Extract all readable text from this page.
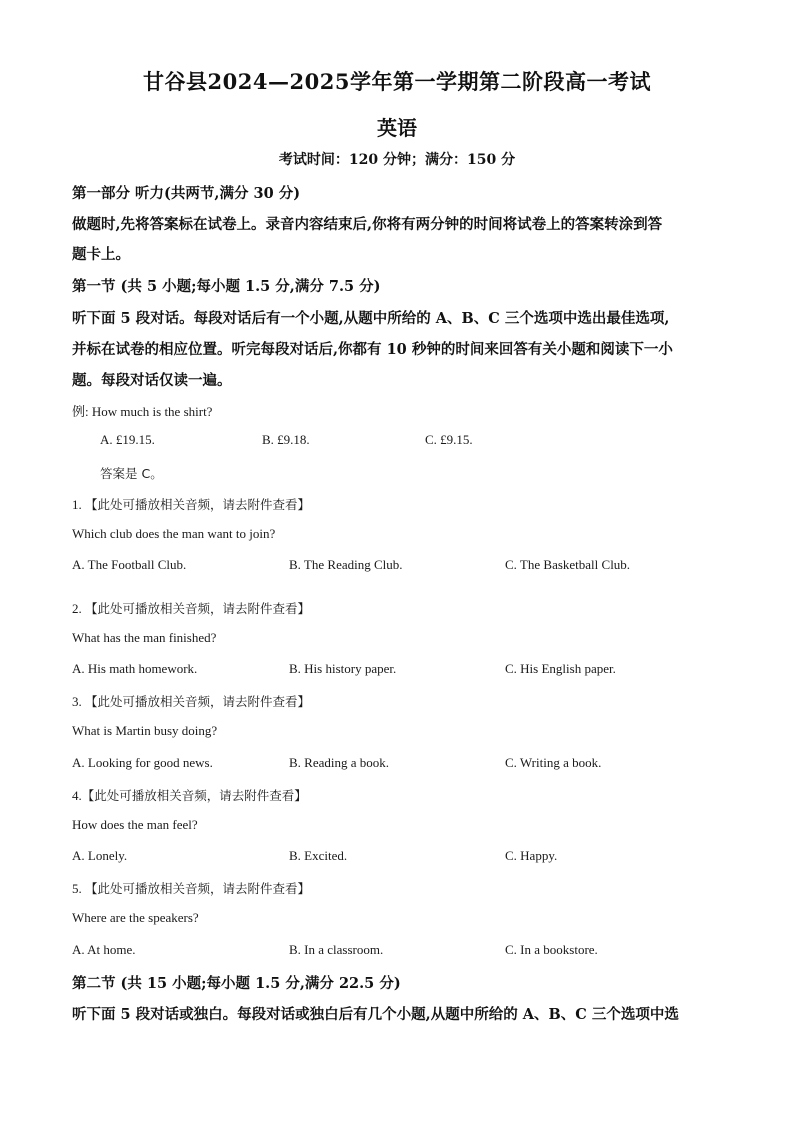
甘谷县2024—2025学年第一学期第二阶段高一考试
英语
考试时间：120 分钟；满分：150 分
第一部分 听力(共两节,满分 30 分)
做题时,先将答案标在试卷上。录音内容结束后,你将有两分钟的时间将试卷上的答案转涂到答
题卡上。
第一节 (共 5 小题;每小题 1.5 分,满分 7.5 分)
听下面 5 段对话。每段对话后有一个小题,从题中所给的 A、B、C 三个选项中选出最佳选项,
并标在试卷的相应位置。听完每段对话后,你都有 10 秒钟的时间来回答有关小题和阅读下一小
题。每段对话仅读一遍。
例: How much is the shirt?
A. £19.15.	B. £9.18.	C. £9.15.
答案是 C。
1. 【此处可播放相关音频，请去附件查看】
Which club does the man want to join?
A. The Football Club.	B. The Reading Club.	C. The Basketball Club.
2. 【此处可播放相关音频，请去附件查看】
What has the man finished?
A. His math homework.	B. His history paper.	C. His English paper.
3. 【此处可播放相关音频，请去附件查看】
What is Martin busy doing?
A. Looking for good news.	B. Reading a book.	C. Writing a book.
4.【此处可播放相关音频，请去附件查看】
How does the man feel?
A. Lonely.	B. Excited.	C. Happy.
5. 【此处可播放相关音频，请去附件查看】
Where are the speakers?
A. At home.	B. In a classroom.	C. In a bookstore.
第二节 (共 15 小题;每小题 1.5 分,满分 22.5 分)
听下面 5 段对话或独白。每段对话或独白后有几个小题,从题中所给的 A、B、C 三个选项中选
